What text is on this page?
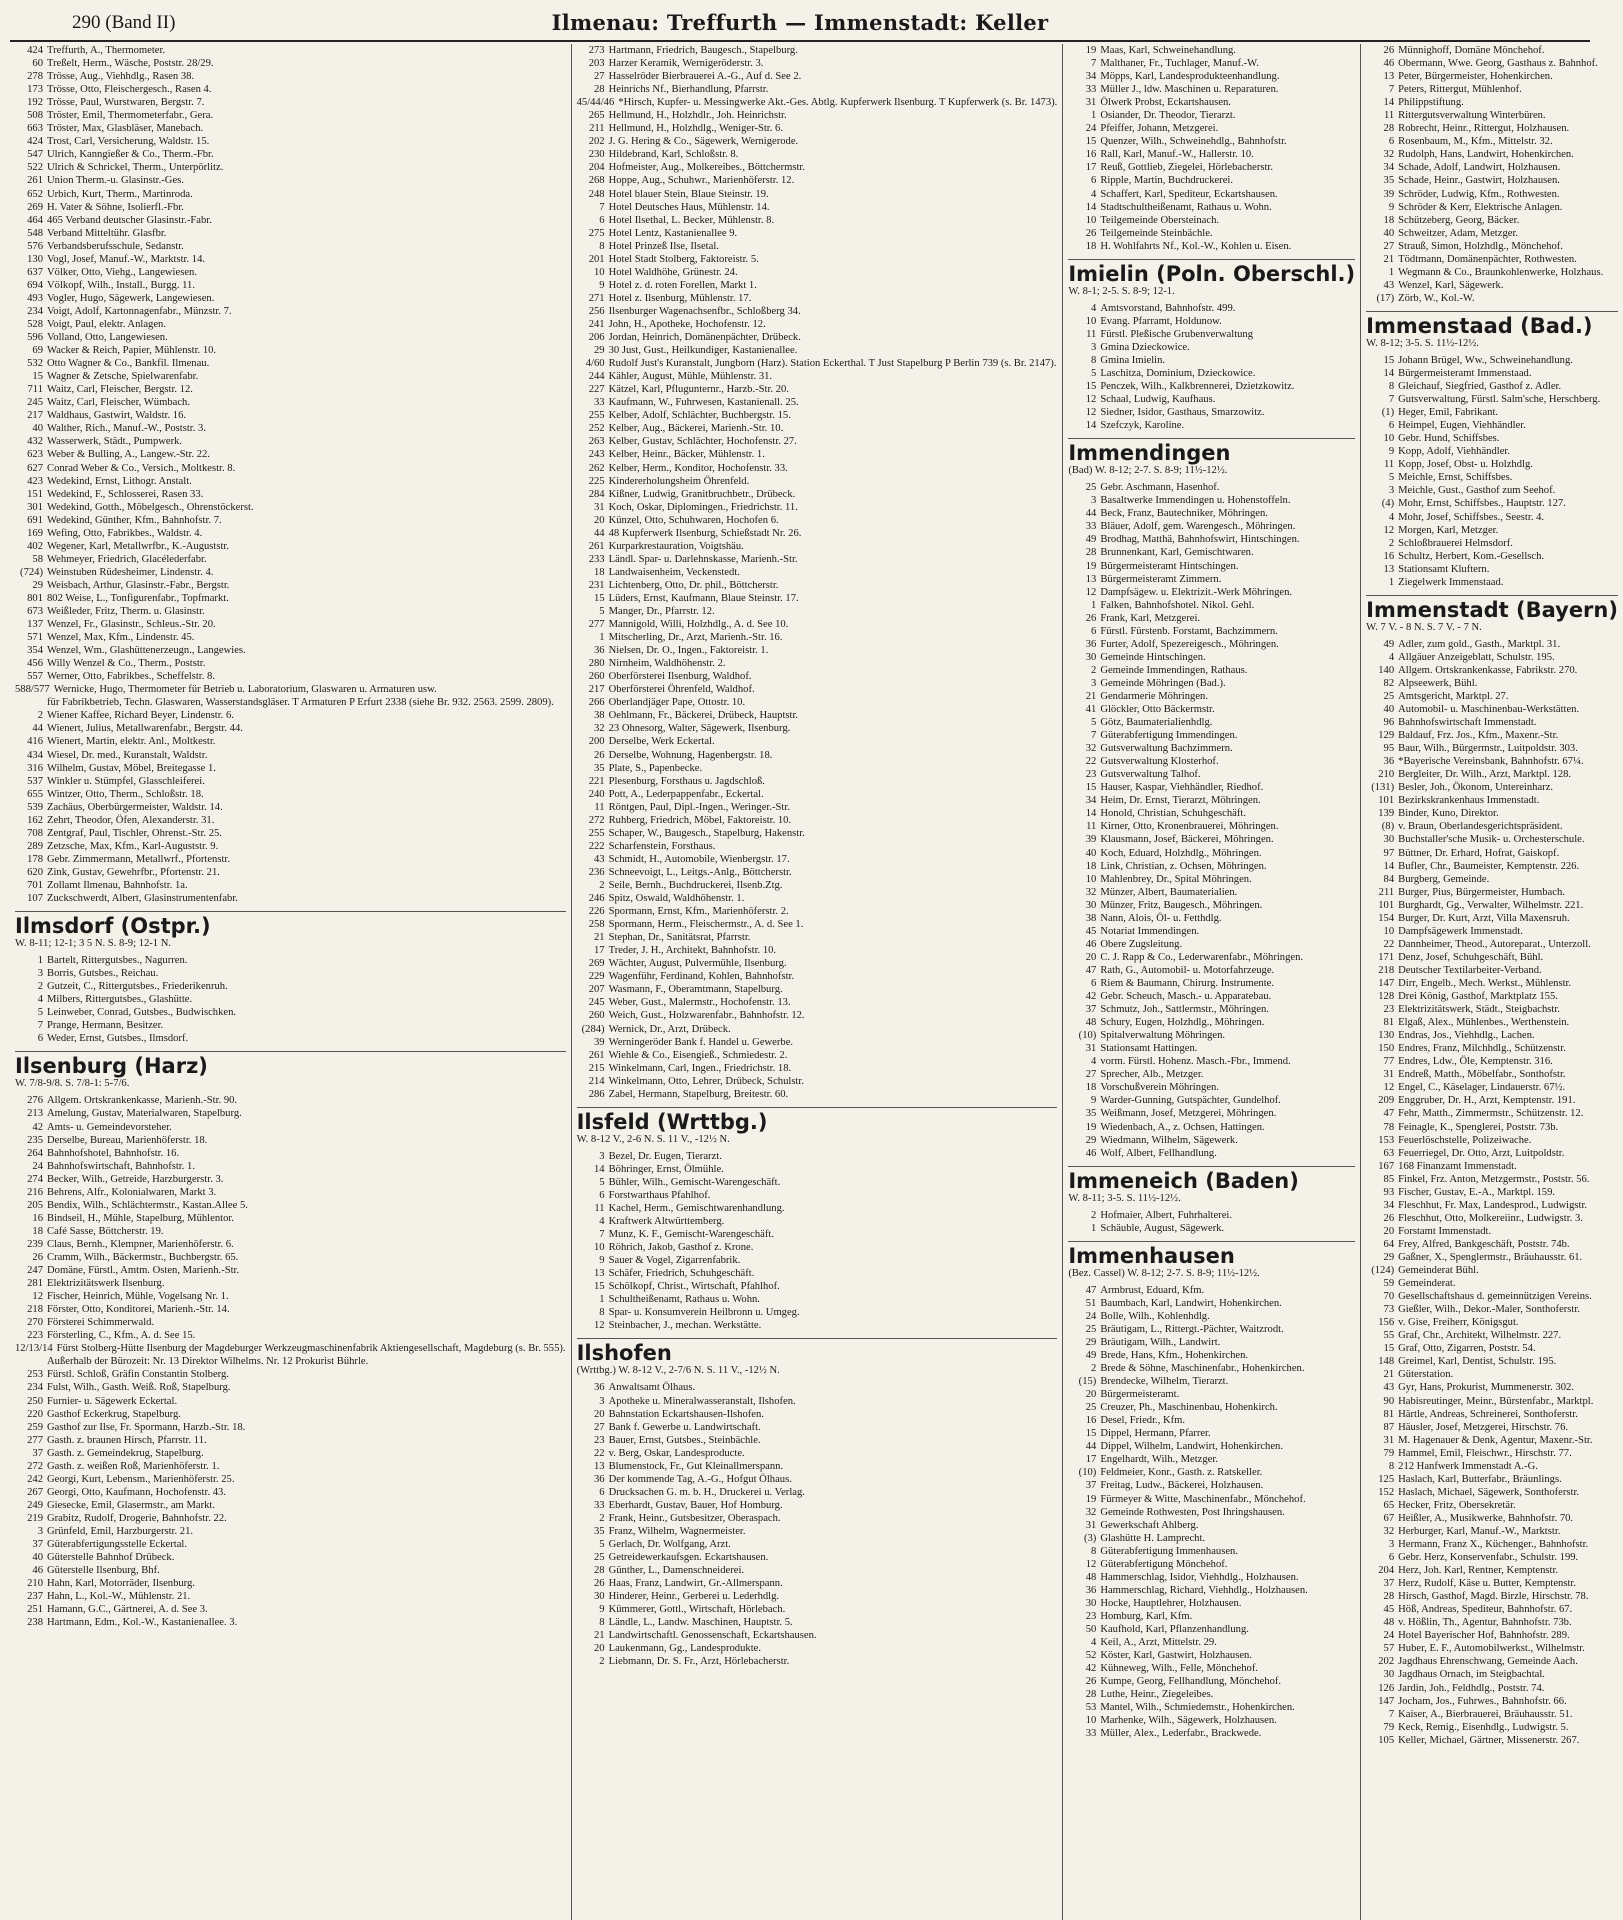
290 (Band II)	Ilmenau: Treffurth — Immenstadt: Keller
424 Treffurth, A., Thermometer.
60 Treßelt, Herm., Wäsche, Poststr. 28/29.
278 Trösse, Aug., Viehhdlg., Rasen 38.
173 Trösse, Otto, Fleischergesch., Rasen 4.
192 Trösse, Paul, Wurstwaren, Bergstr. 7.
508 Tröster, Emil, Thermometerfabr., Gera.
663 Tröster, Max, Glasbläser, Manebach.
424 Trost, Carl, Versicherung, Waldstr. 15.
547 Ulrich, Kanngießer & Co., Therm.-Fbr.
522 Ulrich & Schrickel, Therm., Unterpörlitz.
261 Union Therm.-u. Glasinstr.-Ges.
652 Urbich, Kurt, Therm., Martinroda.
269 H. Vater & Söhne, Isolierfl.-Fbr.
464 465 Verband deutscher Glasinstr.-Fabr.
548 Verband Mitteltühr. Glasfbr.
576 Verbandsberufsschule, Sedanstr.
130 Vogl, Josef, Manuf.-W., Marktstr. 14.
637 Völker, Otto, Viehg., Langewiesen.
694 Völkopf, Wilh., Install., Burgg. 11.
493 Vogler, Hugo, Sägewerk, Langewiesen.
234 Voigt, Adolf, Kartonnagenfabr., Münzstr. 7.
528 Voigt, Paul, elektr. Anlagen.
596 Volland, Otto, Langewiesen.
69 Wacker & Reich, Papier, Mühlenstr. 10.
532 Otto Wagner & Co., Bankfil. Ilmenau.
15 Wagner & Zetsche, Spielwarenfabr.
711 Waitz, Carl, Fleischer, Bergstr. 12.
245 Waitz, Carl, Fleischer, Wümbach.
217 Waldhaus, Gastwirt, Waldstr. 16.
40 Walther, Rich., Manuf.-W., Poststr. 3.
432 Wasserwerk, Städt., Pumpwerk.
623 Weber & Bulling, A., Langew.-Str. 22.
627 Conrad Weber & Co., Versich., Moltkestr. 8.
423 Wedekind, Ernst, Lithogr. Anstalt.
151 Wedekind, F., Schlosserei, Rasen 33.
301 Wedekind, Gotth., Möbelgesch., Ohrenstöckerst.
691 Wedekind, Günther, Kfm., Bahnhofstr. 7.
169 Wefing, Otto, Fabrikbes., Waldstr. 4.
402 Wegener, Karl, Metallwrfbr., K.-Auguststr.
58 Wehmeyer, Friedrich, Glacélederfabr.
(724) Weinstuben Rüdesheimer, Lindenstr. 4.
29 Weisbach, Arthur, Glasinstr.-Fabr., Bergstr.
801 802 Weise, L., Tonfigurenfabr., Topfmarkt.
673 Weißleder, Fritz, Therm. u. Glasinstr.
137 Wenzel, Fr., Glasinstr., Schleus.-Str. 20.
571 Wenzel, Max, Kfm., Lindenstr. 45.
354 Wenzel, Wm., Glashüttenerzeugn., Langewies.
456 Willy Wenzel & Co., Therm., Poststr.
557 Werner, Otto, Fabrikbes., Scheffelstr. 8.
588/577 Wernicke, Hugo, Thermometer für Betrieb u. Laboratorium, Glaswaren u. Armaturen usw.
für Fabrikbetrieb, Techn. Glaswaren, Wasserstandsgläser. T Armaturen P Erfurt 2338 (siehe Br. 932. 2563. 2599. 2809).
2 Wiener Kaffee, Richard Beyer, Lindenstr. 6.
44 Wienert, Julius, Metallwarenfabr., Bergstr. 44.
416 Wienert, Martin, elektr. Anl., Moltkestr.
434 Wiesel, Dr. med., Kuranstalt, Waldstr.
316 Wilhelm, Gustav, Möbel, Breitegasse 1.
537 Winkler u. Stümpfel, Glasschleiferei.
655 Wintzer, Otto, Therm., Schloßstr. 18.
539 Zachäus, Oberbürgermeister, Waldstr. 14.
162 Zehrt, Theodor, Öfen, Alexanderstr. 31.
708 Zentgraf, Paul, Tischler, Ohrenst.-Str. 25.
289 Zetzsche, Max, Kfm., Karl-Auguststr. 9.
178 Gebr. Zimmermann, Metallwrf., Pfortenstr.
620 Zink, Gustav, Gewehrfbr., Pfortenstr. 21.
701 Zollamt Ilmenau, Bahnhofstr. 1a.
107 Zuckschwerdt, Albert, Glasinstrumentenfabr.
Ilmsdorf (Ostpr.)
W. 8-11; 12-1; 3 5 N. S. 8-9; 12-1 N.
1 Bartelt, Rittergutsbes., Nagurren.
3 Borris, Gutsbes., Reichau.
2 Gutzeit, C., Rittergutsbes., Friederikenruh.
4 Milbers, Rittergutsbes., Glashütte.
5 Leinweber, Conrad, Gutsbes., Budwischken.
7 Prange, Hermann, Besitzer.
6 Weder, Ernst, Gutsbes., Ilmsdorf.
Ilsenburg (Harz)
W. 7/8-9/8. S. 7/8-1: 5-7/6.
276 Allgem. Ortskrankenkasse, Marienh.-Str. 90.
213 Amelung, Gustav, Materialwaren, Stapelburg.
42 Amts- u. Gemeindevorsteher.
235 Derselbe, Bureau, Marienhöferstr. 18.
264 Bahnhofshotel, Bahnhofstr. 16.
24 Bahnhofswirtschaft, Bahnhofstr. 1.
274 Becker, Wilh., Getreide, Harzburgerstr. 3.
216 Behrens, Alfr., Kolonialwaren, Markt 3.
205 Bendix, Wilh., Schlächtermstr., Kastan.Allee 5.
16 Bindseil, H., Mühle, Stapelburg, Mühlentor.
18 Café Sasse, Böttcherstr. 19.
239 Claus, Bernh., Klempner, Marienhöferstr. 6.
26 Cramm, Wilh., Bäckermstr., Buchbergstr. 65.
247 Domäne, Fürstl., Amtm. Osten, Marienh.-Str.
281 Elektrizitätswerk Ilsenburg.
12 Fischer, Heinrich, Mühle, Vogelsang Nr. 1.
218 Förster, Otto, Konditorei, Marienh.-Str. 14.
270 Försterei Schimmerwald.
223 Försterling, C., Kfm., A. d. See 15.
12/13/14 Fürst Stolberg-Hütte Ilsenburg der Magdeburger Werkzeugmaschinenfabrik Aktiengesellschaft, Magdeburg (s. Br. 555).
Außerhalb der Bürozeit: Nr. 13 Direktor Wilhelms. Nr. 12 Prokurist Bührle.
253 Fürstl. Schloß, Gräfin Constantin Stolberg.
234 Fulst, Wilh., Gasth. Weiß. Roß, Stapelburg.
250 Furnier- u. Sägewerk Eckertal.
220 Gasthof Eckerkrug, Stapelburg.
259 Gasthof zur Ilse, Fr. Spormann, Harzb.-Str. 18.
277 Gasth. z. braunen Hirsch, Pfarrstr. 11.
37 Gasth. z. Gemeindekrug, Stapelburg.
272 Gasth. z. weißen Roß, Marienhöferstr. 1.
242 Georgi, Kurt, Lebensm., Marienhöferstr. 25.
267 Georgi, Otto, Kaufmann, Hochofenstr. 43.
249 Giesecke, Emil, Glasermstr., am Markt.
219 Grabitz, Rudolf, Drogerie, Bahnhofstr. 22.
3 Grünfeld, Emil, Harzburgerstr. 21.
37 Güterabfertigungsstelle Eckertal.
40 Güterstelle Bahnhof Drübeck.
46 Güterstelle Ilsenburg, Bhf.
210 Hahn, Karl, Motorräder, Ilsenburg.
237 Hahn, L., Kol.-W., Mühlenstr. 21.
251 Hamann, G.C., Gärtnerei, A. d. See 3.
238 Hartmann, Edm., Kol.-W., Kastanienallee. 3.
273 Hartmann, Friedrich, Baugesch., Stapelburg.
203 Harzer Keramik, Wernigeröderstr. 3.
27 Hasselröder Bierbrauerei A.-G., Auf d. See 2.
28 Heinrichs Nf., Bierhandlung, Pfarrstr.
45/44/46 *Hirsch, Kupfer- u. Messingwerke Akt.-Ges. Abtlg. Kupferwerk Ilsenburg. T Kupferwerk (s. Br. 1473).
265 Hellmund, H., Holzhdlr., Joh. Heinrichstr.
211 Hellmund, H., Holzhdlg., Weniger-Str. 6.
202 J. G. Hering & Co., Sägewerk, Wernigerode.
230 Hildebrand, Karl, Schloßstr. 8.
204 Hofmeister, Aug., Molkereibes., Böttchermstr.
268 Hoppe, Aug., Schuhwr., Marienhöferstr. 12.
248 Hotel blauer Stein, Blaue Steinstr. 19.
7 Hotel Deutsches Haus, Mühlenstr. 14.
6 Hotel Ilsethal, L. Becker, Mühlenstr. 8.
275 Hotel Lentz, Kastanienallee 9.
8 Hotel Prinzeß Ilse, Ilsetal.
201 Hotel Stadt Stolberg, Faktoreistr. 5.
10 Hotel Waldhöhe, Grünestr. 24.
9 Hotel z. d. roten Forellen, Markt 1.
271 Hotel z. Ilsenburg, Mühlenstr. 17.
256 Ilsenburger Wagenachsenfbr., Schloßberg 34.
241 John, H., Apotheke, Hochofenstr. 12.
206 Jordan, Heinrich, Domänenpächter, Drübeck.
29 30 Just, Gust., Heilkundiger, Kastanienallee.
4/60 Rudolf Just's Kuranstalt, Jungborn (Harz). Station Eckerthal. T Just Stapelburg P Berlin 739 (s. Br. 2147).
244 Kähler, August, Mühle, Mühlenstr. 31.
227 Kätzel, Karl, Pflugunternr., Harzb.-Str. 20.
33 Kaufmann, W., Fuhrwesen, Kastanienall. 25.
255 Kelber, Adolf, Schlächter, Buchbergstr. 15.
252 Kelber, Aug., Bäckerei, Marienh.-Str. 10.
263 Kelber, Gustav, Schlächter, Hochofenstr. 27.
243 Kelber, Heinr., Bäcker, Mühlenstr. 1.
262 Kelber, Herm., Konditor, Hochofenstr. 33.
225 Kindererholungsheim Öhrenfeld.
284 Kißner, Ludwig, Granitbruchbetr., Drübeck.
31 Koch, Oskar, Diplomingen., Friedrichstr. 11.
20 Künzel, Otto, Schuhwaren, Hochofen 6.
44 48 Kupferwerk Ilsenburg, Schießstadt Nr. 26.
261 Kurparkrestauration, Voigtshäu.
233 Ländl. Spar- u. Darlehnskasse, Marienh.-Str.
18 Landwaisenheim, Veckenstedt.
231 Lichtenberg, Otto, Dr. phil., Böttcherstr.
15 Lüders, Ernst, Kaufmann, Blaue Steinstr. 17.
5 Manger, Dr., Pfarrstr. 12.
277 Mannigold, Willi, Holzhdlg., A. d. See 10.
1 Mitscherling, Dr., Arzt, Marienh.-Str. 16.
36 Nielsen, Dr. O., Ingen., Faktoreistr. 1.
280 Nirnheim, Waldhöhenstr. 2.
260 Oberförsterei Ilsenburg, Waldhof.
217 Oberförsterei Öhrenfeld, Waldhof.
266 Oberlandjäger Pape, Ottostr. 10.
38 Oehlmann, Fr., Bäckerei, Drübeck, Hauptstr.
32 23 Ohnesorg, Walter, Sägewerk, Ilsenburg.
200 Derselbe, Werk Eckertal.
26 Derselbe, Wohnung, Hagenbergstr. 18.
35 Plate, S., Papenbecke.
221 Plesenburg, Forsthaus u. Jagdschloß.
240 Pott, A., Lederpappenfabr., Eckertal.
11 Röntgen, Paul, Dipl.-Ingen., Weringer.-Str.
272 Ruhberg, Friedrich, Möbel, Faktoreistr. 10.
255 Schaper, W., Baugesch., Stapelburg, Hakenstr.
222 Scharfenstein, Forsthaus.
43 Schmidt, H., Automobile, Wienbergstr. 17.
236 Schneevoigt, L., Leitgs.-Anlg., Böttcherstr.
2 Seile, Bernh., Buchdruckerei, Ilsenb.Ztg.
246 Spitz, Oswald, Waldhöhenstr. 1.
226 Spormann, Ernst, Kfm., Marienhöferstr. 2.
258 Spormann, Herm., Fleischermstr., A. d. See 1.
21 Stephan, Dr., Sanitätsrat, Pfarrstr.
17 Treder, J. H., Architekt, Bahnhofstr. 10.
269 Wächter, August, Pulvermühle, Ilsenburg.
229 Wagenführ, Ferdinand, Kohlen, Bahnhofstr.
207 Wasmann, F., Oberamtmann, Stapelburg.
245 Weber, Gust., Malermstr., Hochofenstr. 13.
260 Weich, Gust., Holzwarenfabr., Bahnhofstr. 12.
(284) Wernick, Dr., Arzt, Drübeck.
39 Werningeröder Bank f. Handel u. Gewerbe.
261 Wiehle & Co., Eisengieß., Schmiedestr. 2.
215 Winkelmann, Carl, Ingen., Friedrichstr. 18.
214 Winkelmann, Otto, Lehrer, Drübeck, Schulstr.
286 Zabel, Hermann, Stapelburg, Breitestr. 60.
Ilsfeld (Wrttbg.)
W. 8-12 V., 2-6 N. S. 11 V., -12½ N.
3 Bezel, Dr. Eugen, Tierarzt.
14 Böhringer, Ernst, Ölmühle.
5 Bühler, Wilh., Gemischt-Warengeschäft.
6 Forstwarthaus Pfahlhof.
11 Kachel, Herm., Gemischtwarenhandlung.
4 Kraftwerk Altwürttemberg.
7 Munz, K. F., Gemischt-Warengeschäft.
10 Röhrich, Jakob, Gasthof z. Krone.
9 Sauer & Vogel, Zigarrenfabrik.
13 Schäfer, Friedrich, Schuhgeschäft.
15 Schölkopf, Christ., Wirtschaft, Pfahlhof.
1 Schultheißenamt, Rathaus u. Wohn.
8 Spar- u. Konsumverein Heilbronn u. Umgeg.
12 Steinbacher, J., mechan. Werkstätte.
Ilshofen
(Wrttbg.) W. 8-12 V., 2-7/6 N. S. 11 V., -12½ N.
36 Anwaltsamt Ölhaus.
3 Apotheke u. Mineralwasseranstalt, Ilshofen.
20 Bahnstation Eckartshausen-Ilshofen.
27 Bank f. Gewerbe u. Landwirtschaft.
23 Bauer, Ernst, Gutsbes., Steinbächle.
22 v. Berg, Oskar, Landesproducte.
13 Blumenstock, Fr., Gut Kleinallmerspann.
36 Der kommende Tag, A.-G., Hofgut Ölhaus.
6 Drucksachen G. m. b. H., Druckerei u. Verlag.
33 Eberhardt, Gustav, Bauer, Hof Homburg.
2 Frank, Heinr., Gutsbesitzer, Oberaspach.
35 Franz, Wilhelm, Wagnermeister.
5 Gerlach, Dr. Wolfgang, Arzt.
25 Getreidewerkaufsgen. Eckartshausen.
28 Günther, L., Damenschneiderei.
26 Haas, Franz, Landwirt, Gr.-Allmerspann.
30 Hinderer, Heinr., Gerberei u. Lederhdlg.
9 Kümmerer, Gottl., Wirtschaft, Hörlebach.
8 Ländle, L., Landw. Maschinen, Hauptstr. 5.
21 Landwirtschaftl. Genossenschaft, Eckartshausen.
20 Laukenmann, Gg., Landesprodukte.
2 Liebmann, Dr. S. Fr., Arzt, Hörlebacherstr.
19 Maas, Karl, Schweinehandlung.
7 Malthaner, Fr., Tuchlager, Manuf.-W.
34 Möpps, Karl, Landesprodukteenhandlung.
33 Müller J., ldw. Maschinen u. Reparaturen.
31 Ölwerk Probst, Eckartshausen.
1 Osiander, Dr. Theodor, Tierarzt.
24 Pfeiffer, Johann, Metzgerei.
15 Quenzer, Wilh., Schweinehdlg., Bahnhofstr.
16 Rall, Karl, Manuf.-W., Hallerstr. 10.
17 Reuß, Gottlieb, Ziegelei, Hörlebacherstr.
6 Ripple, Martin, Buchdruckerei.
4 Schaffert, Karl, Spediteur, Eckartshausen.
14 Stadtschultheißenamt, Rathaus u. Wohn.
10 Teilgemeinde Obersteinach.
26 Teilgemeinde Steinbächle.
18 H. Wohlfahrts Nf., Kol.-W., Kohlen u. Eisen.
Imielin (Poln. Oberschl.)
W. 8-1; 2-5. S. 8-9; 12-1.
4 Amtsvorstand, Bahnhofstr. 499.
10 Evang. Pfarramt, Holdunow.
11 Fürstl. Pleßische Grubenverwaltung
3 Gmina Dzieckowice.
8 Gmina Imielin.
5 Laschitza, Dominium, Dzieckowice.
15 Penczek, Wilh., Kalkbrennerei, Dzietzkowitz.
12 Schaal, Ludwig, Kaufhaus.
12 Siedner, Isidor, Gasthaus, Smarzowitz.
14 Szefczyk, Karoline.
Immendingen
(Bad) W. 8-12; 2-7. S. 8-9; 11½-12½.
25 Gebr. Aschmann, Hasenhof.
3 Basaltwerke Immendingen u. Hohenstoffeln.
44 Beck, Franz, Bautechniker, Möhringen.
33 Bläuer, Adolf, gem. Warengesch., Möhringen.
49 Brodhag, Matthä, Bahnhofswirt, Hintschingen.
28 Brunnenkant, Karl, Gemischtwaren.
19 Bürgermeisteramt Hintschingen.
13 Bürgermeisteramt Zimmern.
12 Dampfsägew. u. Elektrizit.-Werk Möhringen.
1 Falken, Bahnhofshotel. Nikol. Gehl.
26 Frank, Karl, Metzgerei.
6 Fürstl. Fürstenb. Forstamt, Bachzimmern.
36 Furter, Adolf, Spezereigesch., Möhringen.
30 Gemeinde Hintschingen.
2 Gemeinde Immendingen, Rathaus.
3 Gemeinde Möhringen (Bad.).
21 Gendarmerie Möhringen.
41 Glöckler, Otto Bäckermstr.
5 Götz, Baumaterialienhdlg.
7 Güterabfertigung Immendingen.
32 Gutsverwaltung Bachzimmern.
22 Gutsverwaltung Klosterhof.
23 Gutsverwaltung Talhof.
15 Hauser, Kaspar, Viehhändler, Riedhof.
34 Heim, Dr. Ernst, Tierarzt, Möhringen.
14 Honold, Christian, Schuhgeschäft.
11 Kirner, Otto, Kronenbrauerei, Möhringen.
39 Klausmann, Josef, Bäckerei, Möhringen.
40 Koch, Eduard, Holzhdlg., Möhringen.
18 Link, Christian, z. Ochsen, Möhringen.
10 Mahlenbrey, Dr., Spital Möhringen.
32 Münzer, Albert, Baumaterialien.
30 Münzer, Fritz, Baugesch., Möhringen.
38 Nann, Alois, Öl- u. Fetthdlg.
45 Notariat Immendingen.
46 Obere Zugsleitung.
20 C. J. Rapp & Co., Lederwarenfabr., Möhringen.
47 Rath, G., Automobil- u. Motorfahrzeuge.
6 Riem & Baumann, Chirurg. Instrumente.
42 Gebr. Scheuch, Masch.- u. Apparatebau.
37 Schmutz, Joh., Sattlermstr., Möhringen.
48 Schury, Eugen, Holzhdlg., Möhringen.
(10) Spitalverwaltung Möhringen.
31 Stationsamt Hattingen.
4 vorm. Fürstl. Hohenz. Masch.-Fbr., Immend.
27 Sprecher, Alb., Metzger.
18 Vorschußverein Möhringen.
9 Warder-Gunning, Gutspächter, Gundelhof.
35 Weißmann, Josef, Metzgerei, Möhringen.
19 Wiedenbach, A., z. Ochsen, Hattingen.
29 Wiedmann, Wilhelm, Sägewerk.
46 Wolf, Albert, Fellhandlung.
Immeneich (Baden)
W. 8-11; 3-5. S. 11½-12½.
2 Hofmaier, Albert, Fuhrhalterei.
1 Schäuble, August, Sägewerk.
Immenhausen
(Bez. Cassel) W. 8-12; 2-7. S. 8-9; 11½-12½.
47 Armbrust, Eduard, Kfm.
51 Baumbach, Karl, Landwirt, Hohenkirchen.
24 Bolle, Wilh., Kohlenhdlg.
25 Bräutigam, L., Rittergt.-Pächter, Waitzrodt.
29 Bräutigam, Wilh., Landwirt.
49 Brede, Hans, Kfm., Hohenkirchen.
2 Brede & Söhne, Maschinenfabr., Hohenkirchen.
(15) Brendecke, Wilhelm, Tierarzt.
20 Bürgermeisteramt.
25 Creuzer, Ph., Maschinenbau, Hohenkirch.
16 Desel, Friedr., Kfm.
15 Dippel, Hermann, Pfarrer.
44 Dippel, Wilhelm, Landwirt, Hohenkirchen.
17 Engelhardt, Wilh., Metzger.
(10) Feldmeier, Konr., Gasth. z. Ratskeller.
37 Freitag, Ludw., Bäckerei, Holzhausen.
19 Fürmeyer & Witte, Maschinenfabr., Mönchehof.
32 Gemeinde Rothwesten, Post Ihringshausen.
31 Gewerkschaft Ahlberg.
(3) Glashütte H. Lamprecht.
8 Güterabfertigung Immenhausen.
12 Güterabfertigung Mönchehof.
48 Hammerschlag, Isidor, Viehhdlg., Holzhausen.
36 Hammerschlag, Richard, Viehhdlg., Holzhausen.
30 Hocke, Hauptlehrer, Holzhausen.
23 Homburg, Karl, Kfm.
50 Kaufhold, Karl, Pflanzenhandlung.
4 Keil, A., Arzt, Mittelstr. 29.
52 Köster, Karl, Gastwirt, Holzhausen.
42 Kühneweg, Wilh., Felle, Mönchehof.
26 Kumpe, Georg, Fellhandlung, Mönchehof.
28 Luthe, Heinr., Ziegeleibes.
53 Mantel, Wilh., Schmiedemstr., Hohenkirchen.
10 Marhenke, Wilh., Sägewerk, Holzhausen.
33 Müller, Alex., Lederfabr., Brackwede.
26 Münnighoff, Domäne Mönchehof.
46 Obermann, Wwe. Georg, Gasthaus z. Bahnhof.
13 Peter, Bürgermeister, Hohenkirchen.
7 Peters, Rittergut, Mühlenhof.
14 Philippstiftung.
11 Rittergutsverwaltung Winterbüren.
28 Robrecht, Heinr., Rittergut, Holzhausen.
6 Rosenbaum, M., Kfm., Mittelstr. 32.
32 Rudolph, Hans, Landwirt, Hohenkirchen.
34 Schade, Adolf, Landwirt, Holzhausen.
35 Schade, Heinr., Gastwirt, Holzhausen.
39 Schröder, Ludwig, Kfm., Rothwesten.
9 Schröder & Kerr, Elektrische Anlagen.
18 Schützeberg, Georg, Bäcker.
40 Schweitzer, Adam, Metzger.
27 Strauß, Simon, Holzhdlg., Mönchehof.
21 Tödtmann, Domänenpächter, Rothwesten.
1 Wegmann & Co., Braunkohlenwerke, Holzhaus.
43 Wenzel, Karl, Sägewerk.
(17) Zörb, W., Kol.-W.
Immenstaad (Bad.)
W. 8-12; 3-5. S. 11½-12½.
15 Johann Brügel, Ww., Schweinehandlung.
14 Bürgermeisteramt Immenstaad.
8 Gleichauf, Siegfried, Gasthof z. Adler.
7 Gutsverwaltung, Fürstl. Salm'sche, Herschberg.
(1) Heger, Emil, Fabrikant.
6 Heimpel, Eugen, Viehhändler.
10 Gebr. Hund, Schiffsbes.
9 Kopp, Adolf, Viehhändler.
11 Kopp, Josef, Obst- u. Holzhdlg.
5 Meichle, Ernst, Schiffsbes.
3 Meichle, Gust., Gasthof zum Seehof.
(4) Mohr, Ernst, Schiffsbes., Hauptstr. 127.
4 Mohr, Josef, Schiffsbes., Seestr. 4.
12 Morgen, Karl, Metzger.
2 Schloßbrauerei Helmsdorf.
16 Schultz, Herbert, Kom.-Gesellsch.
13 Stationsamt Kluftern.
1 Ziegelwerk Immenstaad.
Immenstadt (Bayern)
W. 7 V. - 8 N. S. 7 V. - 7 N.
49 Adler, zum gold., Gasth., Marktpl. 31.
4 Allgäuer Anzeigeblatt, Schulstr. 195.
140 Allgem. Ortskrankenkasse, Fabrikstr. 270.
82 Alpseewerk, Bühl.
25 Amtsgericht, Marktpl. 27.
40 Automobil- u. Maschinenbau-Werkstätten.
96 Bahnhofswirtschaft Immenstadt.
129 Baldauf, Frz. Jos., Kfm., Maxenr.-Str.
95 Baur, Wilh., Bürgermstr., Luitpoldstr. 303.
36 *Bayerische Vereinsbank, Bahnhofstr. 67¼.
210 Bergleiter, Dr. Wilh., Arzt, Marktpl. 128.
(131) Besler, Joh., Ökonom, Untereinharz.
101 Bezirkskrankenhaus Immenstadt.
139 Binder, Kuno, Direktor.
(8) v. Braun, Oberlandesgerichtspräsident.
30 Buchstaller'sche Musik- u. Orchesterschule.
97 Büttner, Dr. Erhard, Hofrat, Gaiskopf.
14 Bufler, Chr., Baumeister, Kemptenstr. 226.
84 Burgberg, Gemeinde.
211 Burger, Pius, Bürgermeister, Humbach.
101 Burghardt, Gg., Verwalter, Wilhelmstr. 221.
154 Burger, Dr. Kurt, Arzt, Villa Maxensruh.
10 Dampfsägewerk Immenstadt.
22 Dannheimer, Theod., Autoreparat., Unterzoll.
171 Denz, Josef, Schuhgeschäft, Bühl.
218 Deutscher Textilarbeiter-Verband.
147 Dirr, Engelb., Mech. Werkst., Mühlenstr.
128 Drei König, Gasthof, Marktplatz 155.
23 Elektrizitätswerk, Städt., Steigbachstr.
81 Elgaß, Alex., Mühlenbes., Werthenstein.
130 Endras, Jos., Viehhdlg., Lachen.
150 Endres, Franz, Milchhdlg., Schützenstr.
77 Endres, Ldw., Öle, Kemptenstr. 316.
31 Endreß, Matth., Möbelfabr., Sonthofstr.
12 Engel, C., Käselager, Lindauerstr. 67½.
209 Enggruber, Dr. H., Arzt, Kemptenstr. 191.
47 Fehr, Matth., Zimmermstr., Schützenstr. 12.
78 Feinagle, K., Spenglerei, Poststr. 73b.
153 Feuerlöschstelle, Polizeiwache.
63 Feuerriegel, Dr. Otto, Arzt, Luitpoldstr.
167 168 Finanzamt Immenstadt.
85 Finkel, Frz. Anton, Metzgermstr., Poststr. 56.
93 Fischer, Gustav, E.-A., Marktpl. 159.
34 Fleschhut, Fr. Max, Landesprod., Ludwigstr.
26 Fleschhut, Otto, Molkereiinr., Ludwigstr. 3.
20 Forstamt Immenstadt.
64 Frey, Alfred, Bankgeschäft, Poststr. 74b.
29 Gaßner, X., Spenglermstr., Bräuhausstr. 61.
(124) Gemeinderat Bühl.
59 Gemeinderat.
70 Gesellschaftshaus d. gemeinnützigen Vereins.
73 Gießler, Wilh., Dekor.-Maler, Sonthoferstr.
156 v. Gise, Freiherr, Königsgut.
55 Graf, Chr., Architekt, Wilhelmstr. 227.
15 Graf, Otto, Zigarren, Poststr. 54.
148 Greimel, Karl, Dentist, Schulstr. 195.
21 Güterstation.
43 Gyr, Hans, Prokurist, Mummenerstr. 302.
90 Habisreutinger, Meinr., Bürstenfabr., Marktpl.
81 Härtle, Andreas, Schreinerei, Sonthoferstr.
87 Häusler, Josef, Metzgerei, Hirschstr. 76.
31 M. Hagenauer & Denk, Agentur, Maxenr.-Str.
79 Hammel, Emil, Fleischwr., Hirschstr. 77.
8 212 Hanfwerk Immenstadt A.-G.
125 Haslach, Karl, Butterfabr., Bräunlings.
152 Haslach, Michael, Sägewerk, Sonthoferstr.
65 Hecker, Fritz, Obersekretär.
67 Heißler, A., Musikwerke, Bahnhofstr. 70.
32 Herburger, Karl, Manuf.-W., Marktstr.
3 Hermann, Franz X., Küchenger., Bahnhofstr.
6 Gebr. Herz, Konservenfabr., Schulstr. 199.
204 Herz, Joh. Karl, Rentner, Kemptenstr.
37 Herz, Rudolf, Käse u. Butter, Kemptenstr.
28 Hirsch, Gasthof, Magd. Birzle, Hirschstr. 78.
45 Höß, Andreas, Spediteur, Bahnhofstr. 67.
48 v. Hößlin, Th., Agentur, Bahnhofstr. 73b.
24 Hotel Bayerischer Hof, Bahnhofstr. 289.
57 Huber, E. F., Automobilwerkst., Wilhelmstr.
202 Jagdhaus Ehrenschwang, Gemeinde Aach.
30 Jagdhaus Ornach, im Steigbachtal.
126 Jardin, Joh., Feldhdlg., Poststr. 74.
147 Jocham, Jos., Fuhrwes., Bahnhofstr. 66.
7 Kaiser, A., Bierbrauerei, Bräuhausstr. 51.
79 Keck, Remig., Eisenhdlg., Ludwigstr. 5.
105 Keller, Michael, Gärtner, Missenerstr. 267.
